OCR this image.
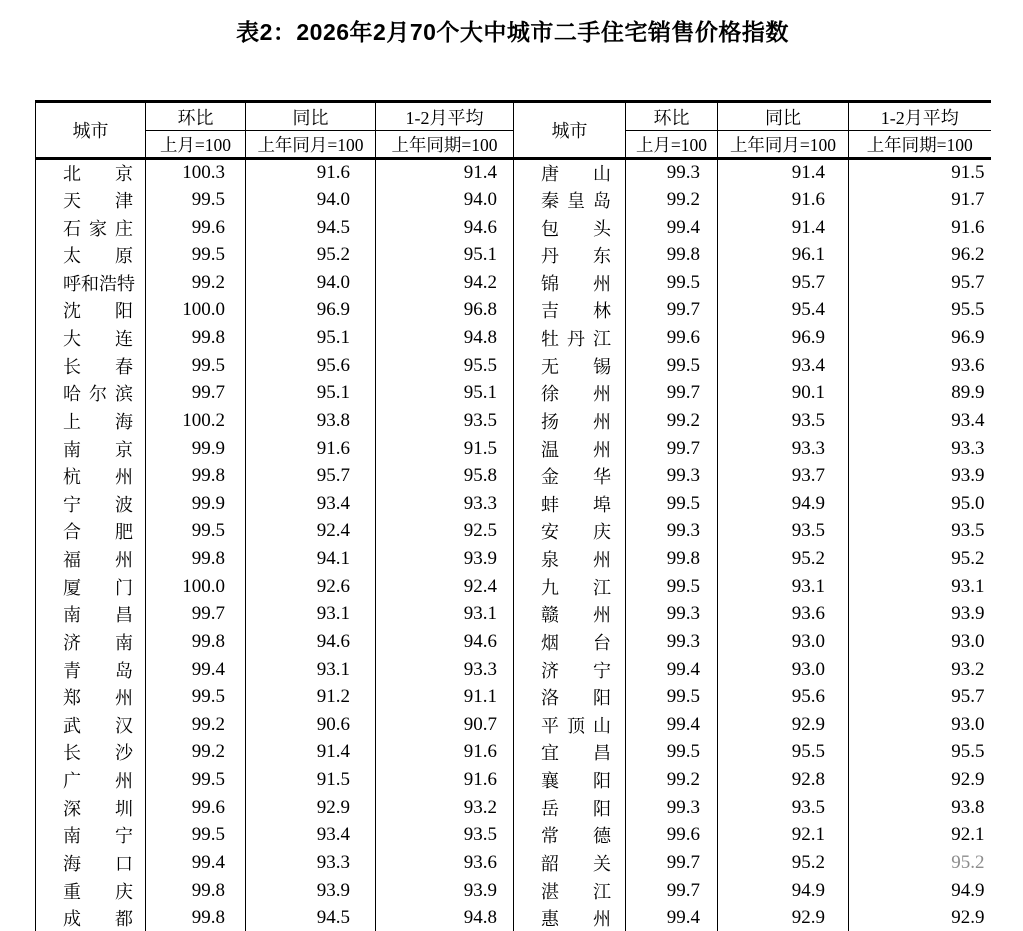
表2：2026年2月70个大中城市二手住宅销售价格指数
城市	环比	同比	1-2月平均	城市	环比	同比	1-2月平均
	上月=100	上年同月=100	上年同期=100		上月=100	上年同月=100	上年同期=100

北 京	100.3	91.6	91.4	唐 山	99.3	91.4	91.5

天 津	99.5	94.0	94.0	秦 皇 岛	99.2	91.6	91.7

石 家 庄	99.6	94.5	94.6	包 头	99.4	91.4	91.6

太 原	99.5	95.2	95.1	丹 东	99.8	96.1	96.2

呼 和 浩 特	99.2	94.0	94.2	锦 州	99.5	95.7	95.7

沈 阳	100.0	96.9	96.8	吉 林	99.7	95.4	95.5

大 连	99.8	95.1	94.8	牡 丹 江	99.6	96.9	96.9

长 春	99.5	95.6	95.5	无 锡	99.5	93.4	93.6

哈 尔 滨	99.7	95.1	95.1	徐 州	99.7	90.1	89.9

上 海	100.2	93.8	93.5	扬 州	99.2	93.5	93.4

南 京	99.9	91.6	91.5	温 州	99.7	93.3	93.3

杭 州	99.8	95.7	95.8	金 华	99.3	93.7	93.9

宁 波	99.9	93.4	93.3	蚌 埠	99.5	94.9	95.0

合 肥	99.5	92.4	92.5	安 庆	99.3	93.5	93.5

福 州	99.8	94.1	93.9	泉 州	99.8	95.2	95.2

厦 门	100.0	92.6	92.4	九 江	99.5	93.1	93.1

南 昌	99.7	93.1	93.1	赣 州	99.3	93.6	93.9

济 南	99.8	94.6	94.6	烟 台	99.3	93.0	93.0

青 岛	99.4	93.1	93.3	济 宁	99.4	93.0	93.2

郑 州	99.5	91.2	91.1	洛 阳	99.5	95.6	95.7

武 汉	99.2	90.6	90.7	平 顶 山	99.4	92.9	93.0

长 沙	99.2	91.4	91.6	宜 昌	99.5	95.5	95.5

广 州	99.5	91.5	91.6	襄 阳	99.2	92.8	92.9

深 圳	99.6	92.9	93.2	岳 阳	99.3	93.5	93.8

南 宁	99.5	93.4	93.5	常 德	99.6	92.1	92.1

海 口	99.4	93.3	93.6	韶 关	99.7	95.2	95.2

重 庆	99.8	93.9	93.9	湛 江	99.7	94.9	94.9

成 都	99.8	94.5	94.8	惠 州	99.4	92.9	92.9
